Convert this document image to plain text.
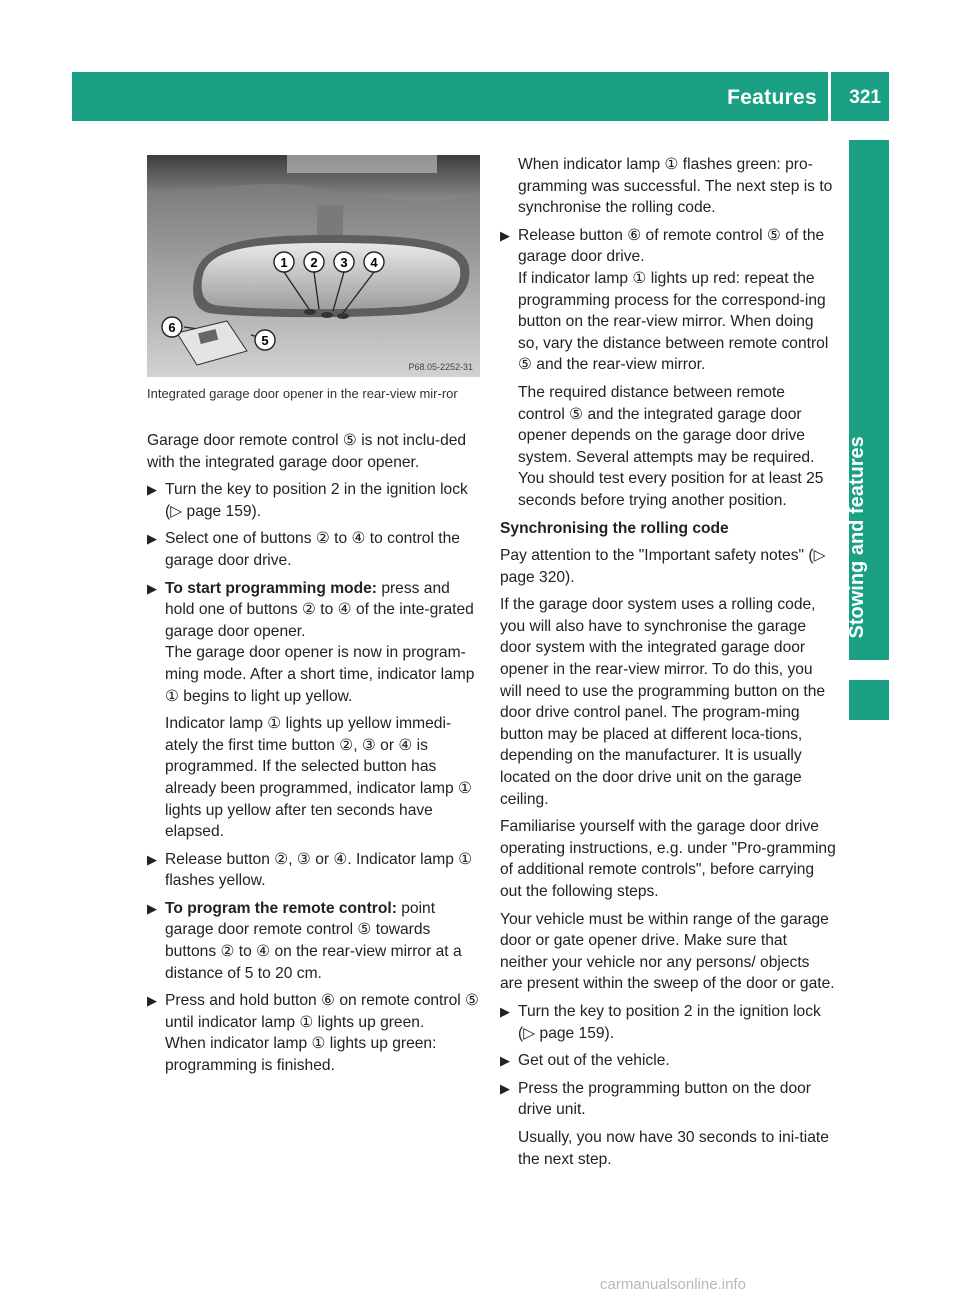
Features 321
Stowing and features
1 2 3 4
5
6
P68.05-2252-31
Integrated garage door opener in the rear-view mir-ror

Garage door remote control ⑤ is not inclu-ded with the integrated garage door opener.

▶ Turn the key to position 2 in the ignition lock (▷ page 159).
▶ Select one of buttons ② to ④ to control the garage door drive.
▶ To start programming mode: press and hold one of buttons ② to ④ of the inte-grated garage door opener.
The garage door opener is now in program-ming mode. After a short time, indicator lamp ① begins to light up yellow.

Indicator lamp ① lights up yellow immedi-ately the first time button ②, ③ or ④ is programmed. If the selected button has already been programmed, indicator lamp ① lights up yellow after ten seconds have elapsed.

▶ Release button ②, ③ or ④. Indicator lamp ① flashes yellow.
▶ To program the remote control: point garage door remote control ⑤ towards buttons ② to ④ on the rear-view mirror at a distance of 5 to 20 cm.
▶ Press and hold button ⑥ on remote control ⑤ until indicator lamp ① lights up green.
When indicator lamp ① lights up green: programming is finished.

When indicator lamp ① flashes green: pro-gramming was successful. The next step is to synchronise the rolling code.

▶ Release button ⑥ of remote control ⑤ of the garage door drive.
If indicator lamp ① lights up red: repeat the programming process for the correspond-ing button on the rear-view mirror. When doing so, vary the distance between remote control ⑤ and the rear-view mirror.

The required distance between remote control ⑤ and the integrated garage door opener depends on the garage door drive system. Several attempts may be required. You should test every position for at least 25 seconds before trying another position.

Synchronising the rolling code

Pay attention to the "Important safety notes" (▷ page 320).

If the garage door system uses a rolling code, you will also have to synchronise the garage door system with the integrated garage door opener in the rear-view mirror. To do this, you will need to use the programming button on the door drive control panel. The program-ming button may be placed at different loca-tions, depending on the manufacturer. It is usually located on the door drive unit on the garage ceiling.

Familiarise yourself with the garage door drive operating instructions, e.g. under "Pro-gramming of additional remote controls", before carrying out the following steps.

Your vehicle must be within range of the garage door or gate opener drive. Make sure that neither your vehicle nor any persons/ objects are present within the sweep of the door or gate.

▶ Turn the key to position 2 in the ignition lock (▷ page 159).
▶ Get out of the vehicle.
▶ Press the programming button on the door drive unit.

Usually, you now have 30 seconds to ini-tiate the next step.

carmanualsonline.info
